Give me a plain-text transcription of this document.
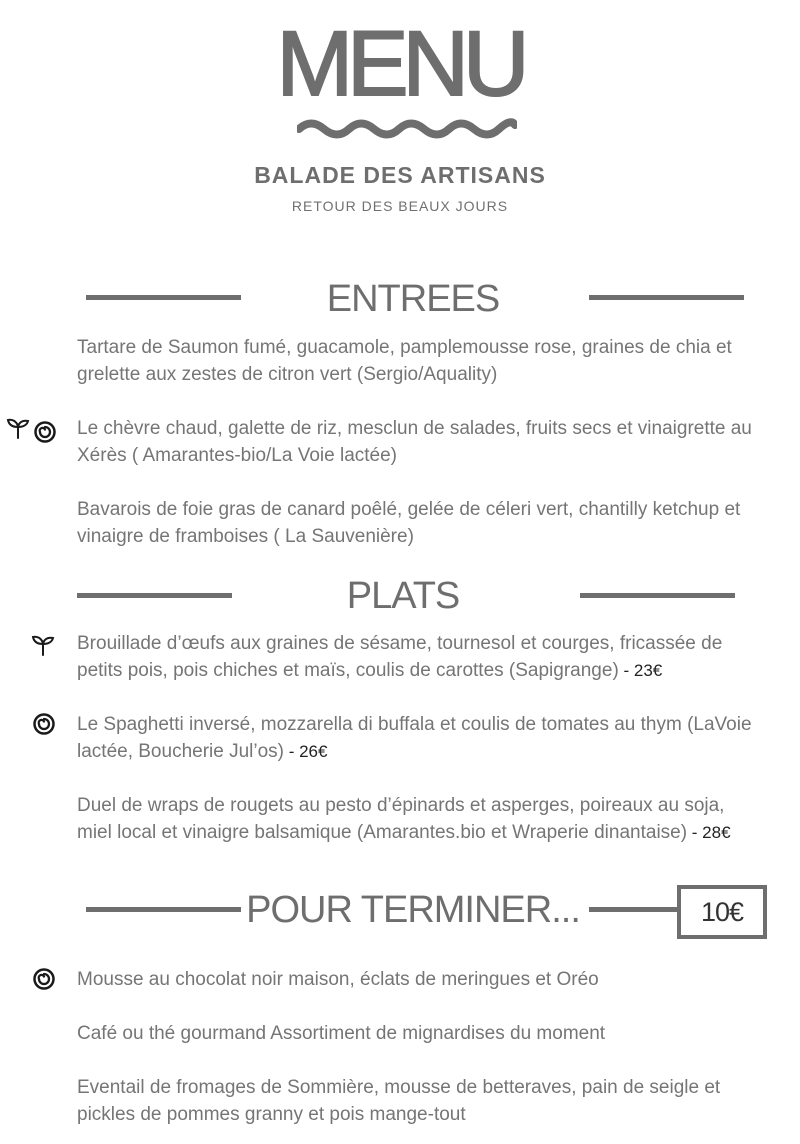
MENU
BALADE DES ARTISANS
RETOUR DES BEAUX JOURS
ENTREES
Tartare de Saumon fumé, guacamole, pamplemousse rose, graines de chia et grelette aux zestes de citron vert (Sergio/Aquality)
Le chèvre chaud, galette de riz, mesclun de salades, fruits secs et vinaigrette au Xérès ( Amarantes-bio/La Voie lactée)
Bavarois de foie gras de canard poêlé, gelée de céleri vert, chantilly ketchup et vinaigre de framboises ( La Sauvenière)
PLATS
Brouillade d’œufs aux graines de sésame, tournesol et courges, fricassée de petits pois, pois chiches et maïs, coulis de carottes (Sapigrange) - 23€
Le Spaghetti inversé, mozzarella di buffala et coulis de tomates au thym (LaVoie lactée, Boucherie Jul’os) - 26€
Duel de wraps de rougets au pesto d’épinards et asperges, poireaux au soja, miel local et vinaigre balsamique (Amarantes.bio et Wraperie dinantaise) - 28€
POUR TERMINER...	10€
Mousse au chocolat noir maison, éclats de meringues et Oréo
Café ou thé gourmand Assortiment de mignardises du moment
Eventail de fromages de Sommière, mousse de betteraves, pain de seigle et pickles de pommes granny et pois mange-tout
